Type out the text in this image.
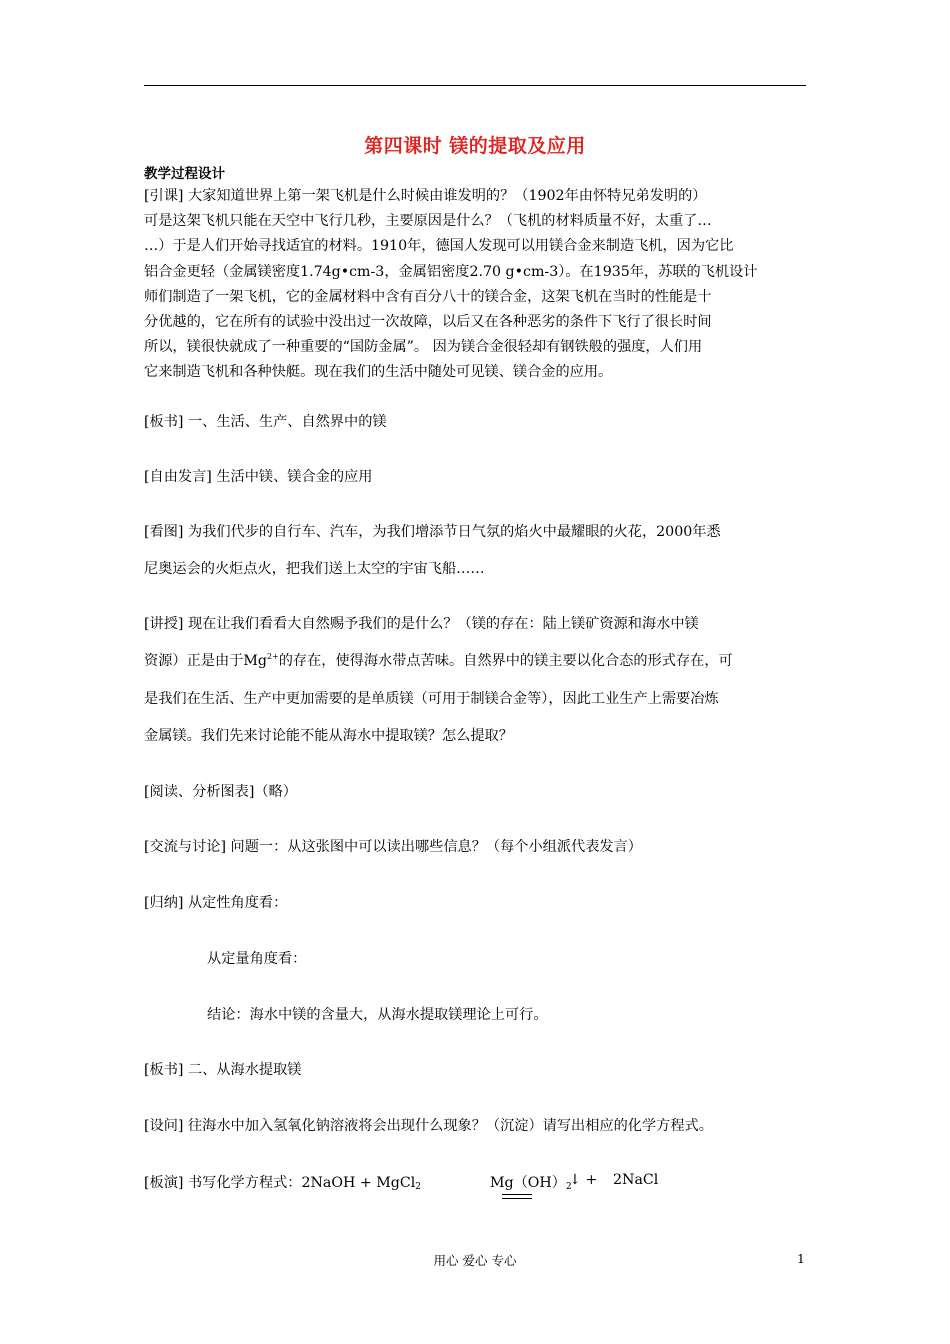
第四课时 镁的提取及应用
教学过程设计
[引课] 大家知道世界上第一架飞机是什么时候由谁发明的？（1902年由怀特兄弟发明的）
可是这架飞机只能在天空中飞行几秒，主要原因是什么？（飞机的材料质量不好，太重了…
…）于是人们开始寻找适宜的材料。1910年，德国人发现可以用镁合金来制造飞机，因为它比
铝合金更轻（金属镁密度1.74g•cm-3，金属铝密度2.70 g•cm-3）。在1935年，苏联的飞机设计
师们制造了一架飞机，它的金属材料中含有百分八十的镁合金，这架飞机在当时的性能是十
分优越的，它在所有的试验中没出过一次故障，以后又在各种恶劣的条件下飞行了很长时间
所以，镁很快就成了一种重要的“国防金属”。 因为镁合金很轻却有钢铁般的强度，人们用
它来制造飞机和各种快艇。现在我们的生活中随处可见镁、镁合金的应用。
[板书] 一、生活、生产、自然界中的镁
[自由发言] 生活中镁、镁合金的应用
[看图] 为我们代步的自行车、汽车，为我们增添节日气氛的焰火中最耀眼的火花，2000年悉
尼奥运会的火炬点火，把我们送上太空的宇宙飞船……
[讲授] 现在让我们看看大自然赐予我们的是什么？（镁的存在：陆上镁矿资源和海水中镁
资源）正是由于$Mg^{2+}$的存在，使得海水带点苦味。自然界中的镁主要以化合态的形式存在，可
是我们在生活、生产中更加需要的是单质镁（可用于制镁合金等），因此工业生产上需要冶炼
金属镁。我们先来讨论能不能从海水中提取镁？怎么提取？
[阅读、分析图表]（略）
[交流与讨论] 问题一：从这张图中可以读出哪些信息？（每个小组派代表发言）
[归纳] 从定性角度看：
从定量角度看：
结论：海水中镁的含量大，从海水提取镁理论上可行。
[板书] 二、从海水提取镁
[设问] 往海水中加入氢氧化钠溶液将会出现什么现象？（沉淀）请写出相应的化学方程式。
[板演] 书写化学方程式：2NaOH + MgCl$_2$	$Mg(OH)_2$
↓ + 2NaCl
用心 爱心 专心	1
